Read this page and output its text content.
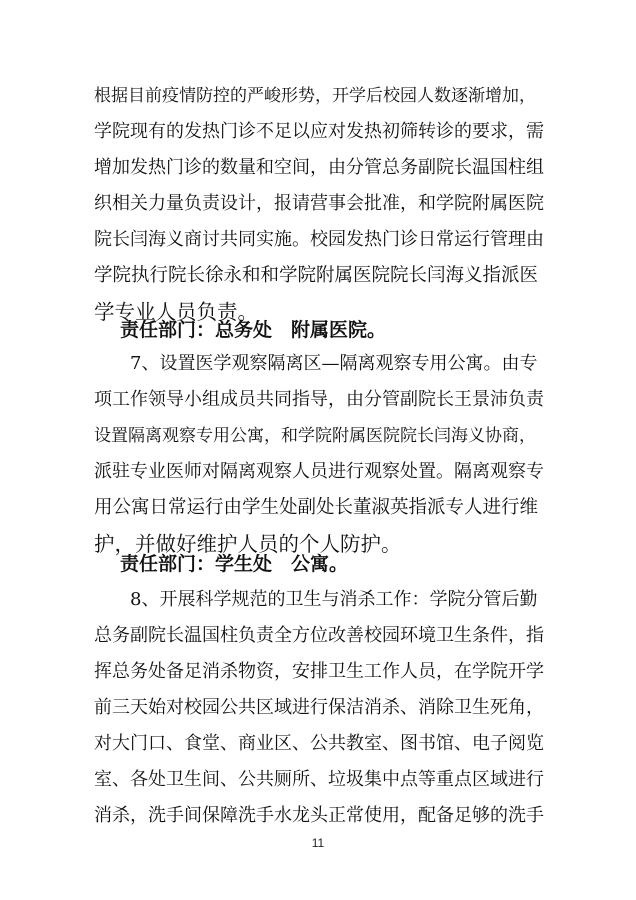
根据目前疫情防控的严峻形势，开学后校园人数逐渐增加，
学院现有的发热门诊不足以应对发热初筛转诊的要求，需
增加发热门诊的数量和空间，由分管总务副院长温国柱组
织相关力量负责设计，报请营事会批准，和学院附属医院
院长闫海义商讨共同实施。校园发热门诊日常运行管理由
学院执行院长徐永和和学院附属医院院长闫海义指派医
学专业人员负责。
责任部门：总务处　附属医院。
7、设置医学观察隔离区—隔离观察专用公寓。由专
项工作领导小组成员共同指导，由分管副院长王景沛负责
设置隔离观察专用公寓，和学院附属医院院长闫海义协商，
派驻专业医师对隔离观察人员进行观察处置。隔离观察专
用公寓日常运行由学生处副处长董淑英指派专人进行维
护，并做好维护人员的个人防护。
责任部门：学生处　公寓。
8、开展科学规范的卫生与消杀工作：学院分管后勤
总务副院长温国柱负责全方位改善校园环境卫生条件，指
挥总务处备足消杀物资，安排卫生工作人员，在学院开学
前三天始对校园公共区域进行保洁消杀、消除卫生死角，
对大门口、食堂、商业区、公共教室、图书馆、电子阅览
室、各处卫生间、公共厕所、垃圾集中点等重点区域进行
消杀，洗手间保障洗手水龙头正常使用，配备足够的洗手
11
